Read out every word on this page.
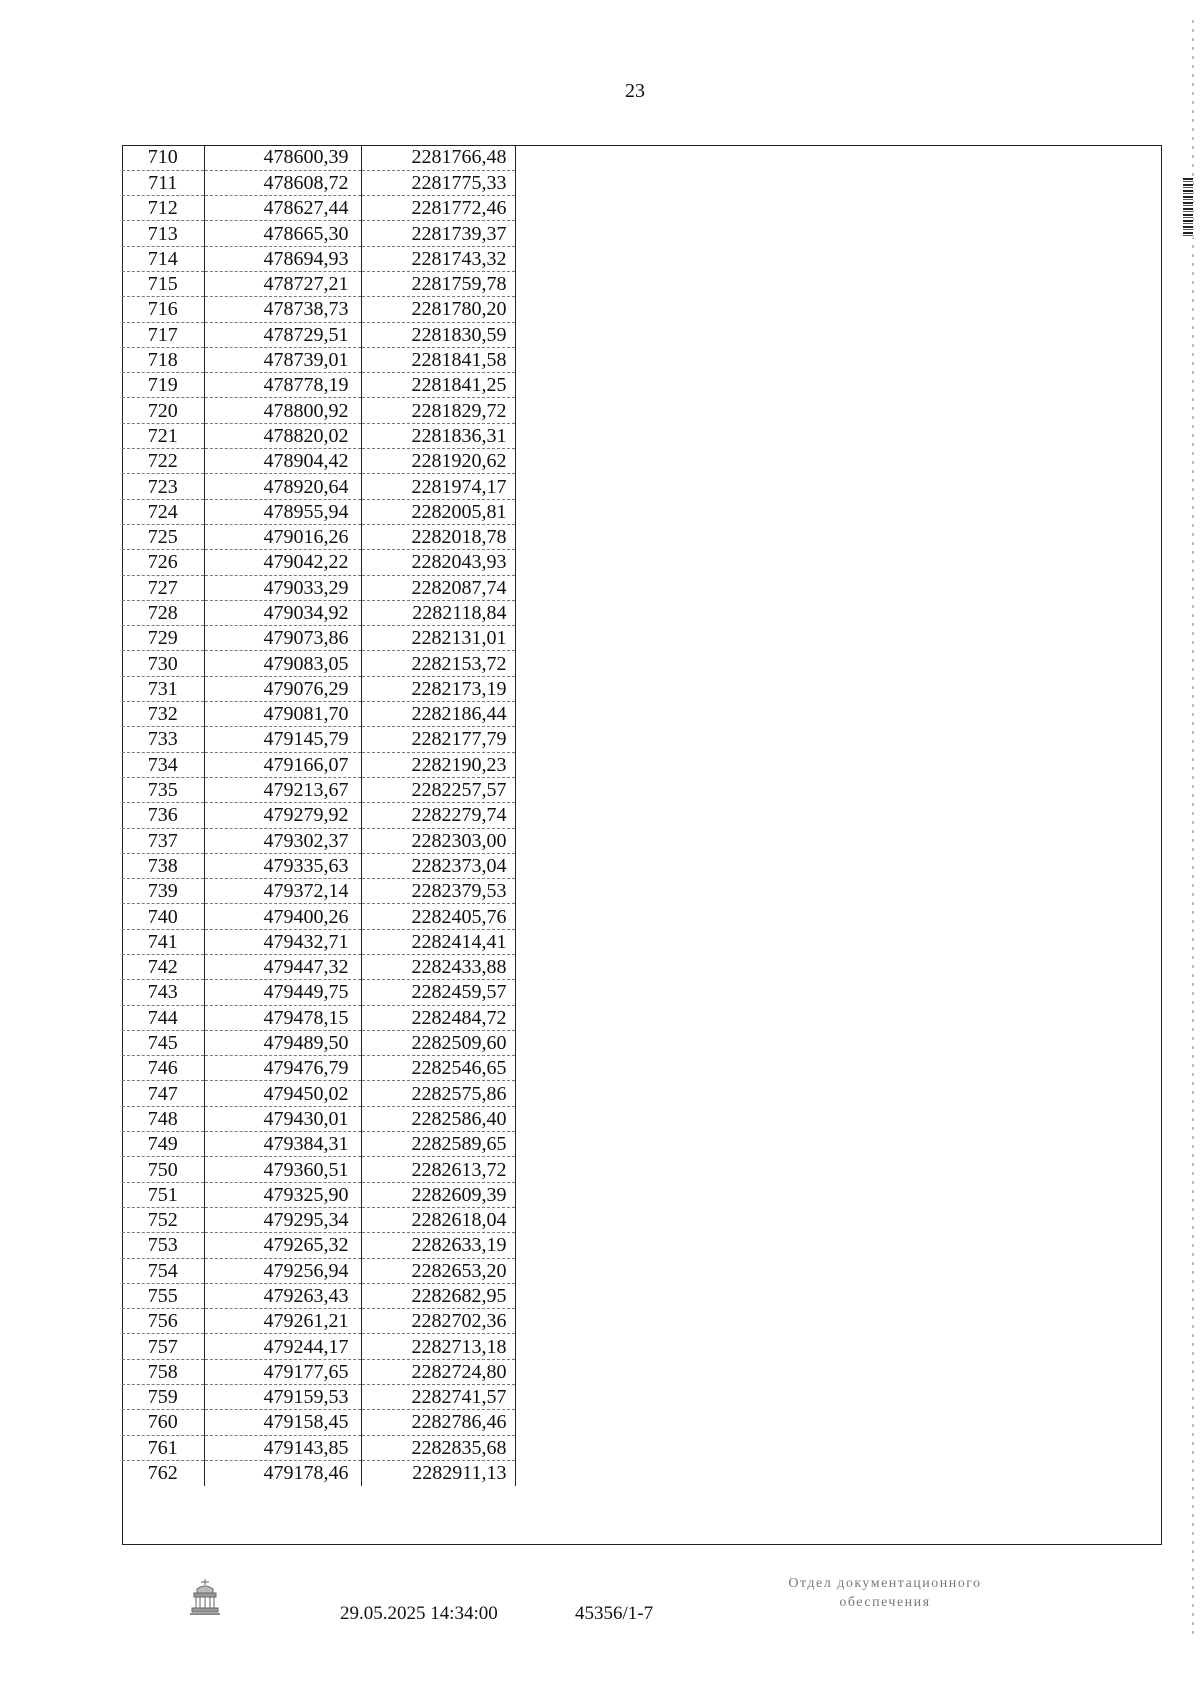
23
710	478600,39	2281766,48
711	478608,72	2281775,33
712	478627,44	2281772,46
713	478665,30	2281739,37
714	478694,93	2281743,32
715	478727,21	2281759,78
716	478738,73	2281780,20
717	478729,51	2281830,59
718	478739,01	2281841,58
719	478778,19	2281841,25
720	478800,92	2281829,72
721	478820,02	2281836,31
722	478904,42	2281920,62
723	478920,64	2281974,17
724	478955,94	2282005,81
725	479016,26	2282018,78
726	479042,22	2282043,93
727	479033,29	2282087,74
728	479034,92	2282118,84
729	479073,86	2282131,01
730	479083,05	2282153,72
731	479076,29	2282173,19
732	479081,70	2282186,44
733	479145,79	2282177,79
734	479166,07	2282190,23
735	479213,67	2282257,57
736	479279,92	2282279,74
737	479302,37	2282303,00
738	479335,63	2282373,04
739	479372,14	2282379,53
740	479400,26	2282405,76
741	479432,71	2282414,41
742	479447,32	2282433,88
743	479449,75	2282459,57
744	479478,15	2282484,72
745	479489,50	2282509,60
746	479476,79	2282546,65
747	479450,02	2282575,86
748	479430,01	2282586,40
749	479384,31	2282589,65
750	479360,51	2282613,72
751	479325,90	2282609,39
752	479295,34	2282618,04
753	479265,32	2282633,19
754	479256,94	2282653,20
755	479263,43	2282682,95
756	479261,21	2282702,36
757	479244,17	2282713,18
758	479177,65	2282724,80
759	479159,53	2282741,57
760	479158,45	2282786,46
761	479143,85	2282835,68
762	479178,46	2282911,13
29.05.2025 14:34:00	45356/1-7
Отдел документационного
обеспечения
